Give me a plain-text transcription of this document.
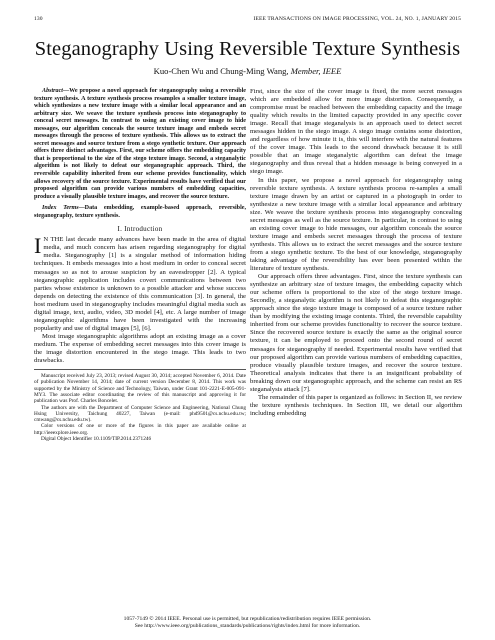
130	IEEE TRANSACTIONS ON IMAGE PROCESSING, VOL. 24, NO. 1, JANUARY 2015
Steganography Using Reversible Texture Synthesis
Kuo-Chen Wu and Chung-Ming Wang, Member, IEEE

Abstract—We propose a novel approach for steganography using a reversible texture synthesis. A texture synthesis process resamples a smaller texture image, which synthesizes a new texture image with a similar local appearance and an arbitrary size. We weave the texture synthesis process into steganography to conceal secret messages. In contrast to using an existing cover image to hide messages, our algorithm conceals the source texture image and embeds secret messages through the process of texture synthesis. This allows us to extract the secret messages and source texture from a stego synthetic texture. Our approach offers three distinct advantages. First, our scheme offers the embedding capacity that is proportional to the size of the stego texture image. Second, a steganalytic algorithm is not likely to defeat our steganographic approach. Third, the reversible capability inherited from our scheme provides functionality, which allows recovery of the source texture. Experimental results have verified that our proposed algorithm can provide various numbers of embedding capacities, produce a visually plausible texture images, and recover the source texture.

Index Terms—Data embedding, example-based approach, reversible, steganography, texture synthesis.

I. Introduction

I N THE last decade many advances have been made in the area of digital media, and much concern has arisen regarding steganography for digital media. Steganography [1] is a singular method of information hiding techniques. It embeds messages into a host medium in order to conceal secret messages so as not to arouse suspicion by an eavesdropper [2]. A typical steganographic application includes covert communications between two parties whose existence is unknown to a possible attacker and whose success depends on detecting the existence of this communication [3]. In general, the host medium used in steganography includes meaningful digital media such as digital image, text, audio, video, 3D model [4], etc. A large number of image steganographic algorithms have been investigated with the increasing popularity and use of digital images [5], [6].

Most image steganographic algorithms adopt an existing image as a cover medium. The expense of embedding secret messages into this cover image is the image distortion encountered in the stego image. This leads to two drawbacks.

Manuscript received July 23, 2013; revised August 30, 2014; accepted November 6, 2014. Date of publication November 14, 2014; date of current version December 8, 2014. This work was supported by the Ministry of Science and Technology, Taiwan, under Grant 101-2221-E-005-091-MY3. The associate editor coordinating the review of this manuscript and approving it for publication was Prof. Charles Boncelet.

The authors are with the Department of Computer Science and Engineering, National Chung Hsing University, Taichung 40227, Taiwan (e-mail: phd9501@cs.nchu.edu.tw; cmwang@cs.nchu.edu.tw).

Color versions of one or more of the figures in this paper are available online at http://ieeexplore.ieee.org.

Digital Object Identifier 10.1109/TIP.2014.2371246

First, since the size of the cover image is fixed, the more secret messages which are embedded allow for more image distortion. Consequently, a compromise must be reached between the embedding capacity and the image quality which results in the limited capacity provided in any specific cover image. Recall that image steganalysis is an approach used to detect secret messages hidden in the stego image. A stego image contains some distortion, and regardless of how minute it is, this will interfere with the natural features of the cover image. This leads to the second drawback because it is still possible that an image steganalytic algorithm can defeat the image steganography and thus reveal that a hidden message is being conveyed in a stego image.

In this paper, we propose a novel approach for steganography using reversible texture synthesis. A texture synthesis process re-samples a small texture image drawn by an artist or captured in a photograph in order to synthesize a new texture image with a similar local appearance and arbitrary size. We weave the texture synthesis process into steganography concealing secret messages as well as the source texture. In particular, in contrast to using an existing cover image to hide messages, our algorithm conceals the source texture image and embeds secret messages through the process of texture synthesis. This allows us to extract the secret messages and the source texture from a stego synthetic texture. To the best of our knowledge, steganography taking advantage of the reversibility has ever been presented within the literature of texture synthesis.

Our approach offers three advantages. First, since the texture synthesis can synthesize an arbitrary size of texture images, the embedding capacity which our scheme offers is proportional to the size of the stego texture image. Secondly, a steganalytic algorithm is not likely to defeat this steganographic approach since the stego texture image is composed of a source texture rather than by modifying the existing image contents. Third, the reversible capability inherited from our scheme provides functionality to recover the source texture. Since the recovered source texture is exactly the same as the original source texture, it can be employed to proceed onto the second round of secret messages for steganography if needed. Experimental results have verified that our proposed algorithm can provide various numbers of embedding capacities, produce visually plausible texture images, and recover the source texture. Theoretical analysis indicates that there is an insignificant probability of breaking down our steganographic approach, and the scheme can resist an RS steganalysis attack [7].

The remainder of this paper is organized as follows: in Section II, we review the texture synthesis techniques. In Section III, we detail our algorithm including embedding

1057-7149 © 2014 IEEE. Personal use is permitted, but republication/redistribution requires IEEE permission.
See http://www.ieee.org/publications_standards/publications/rights/index.html for more information.
